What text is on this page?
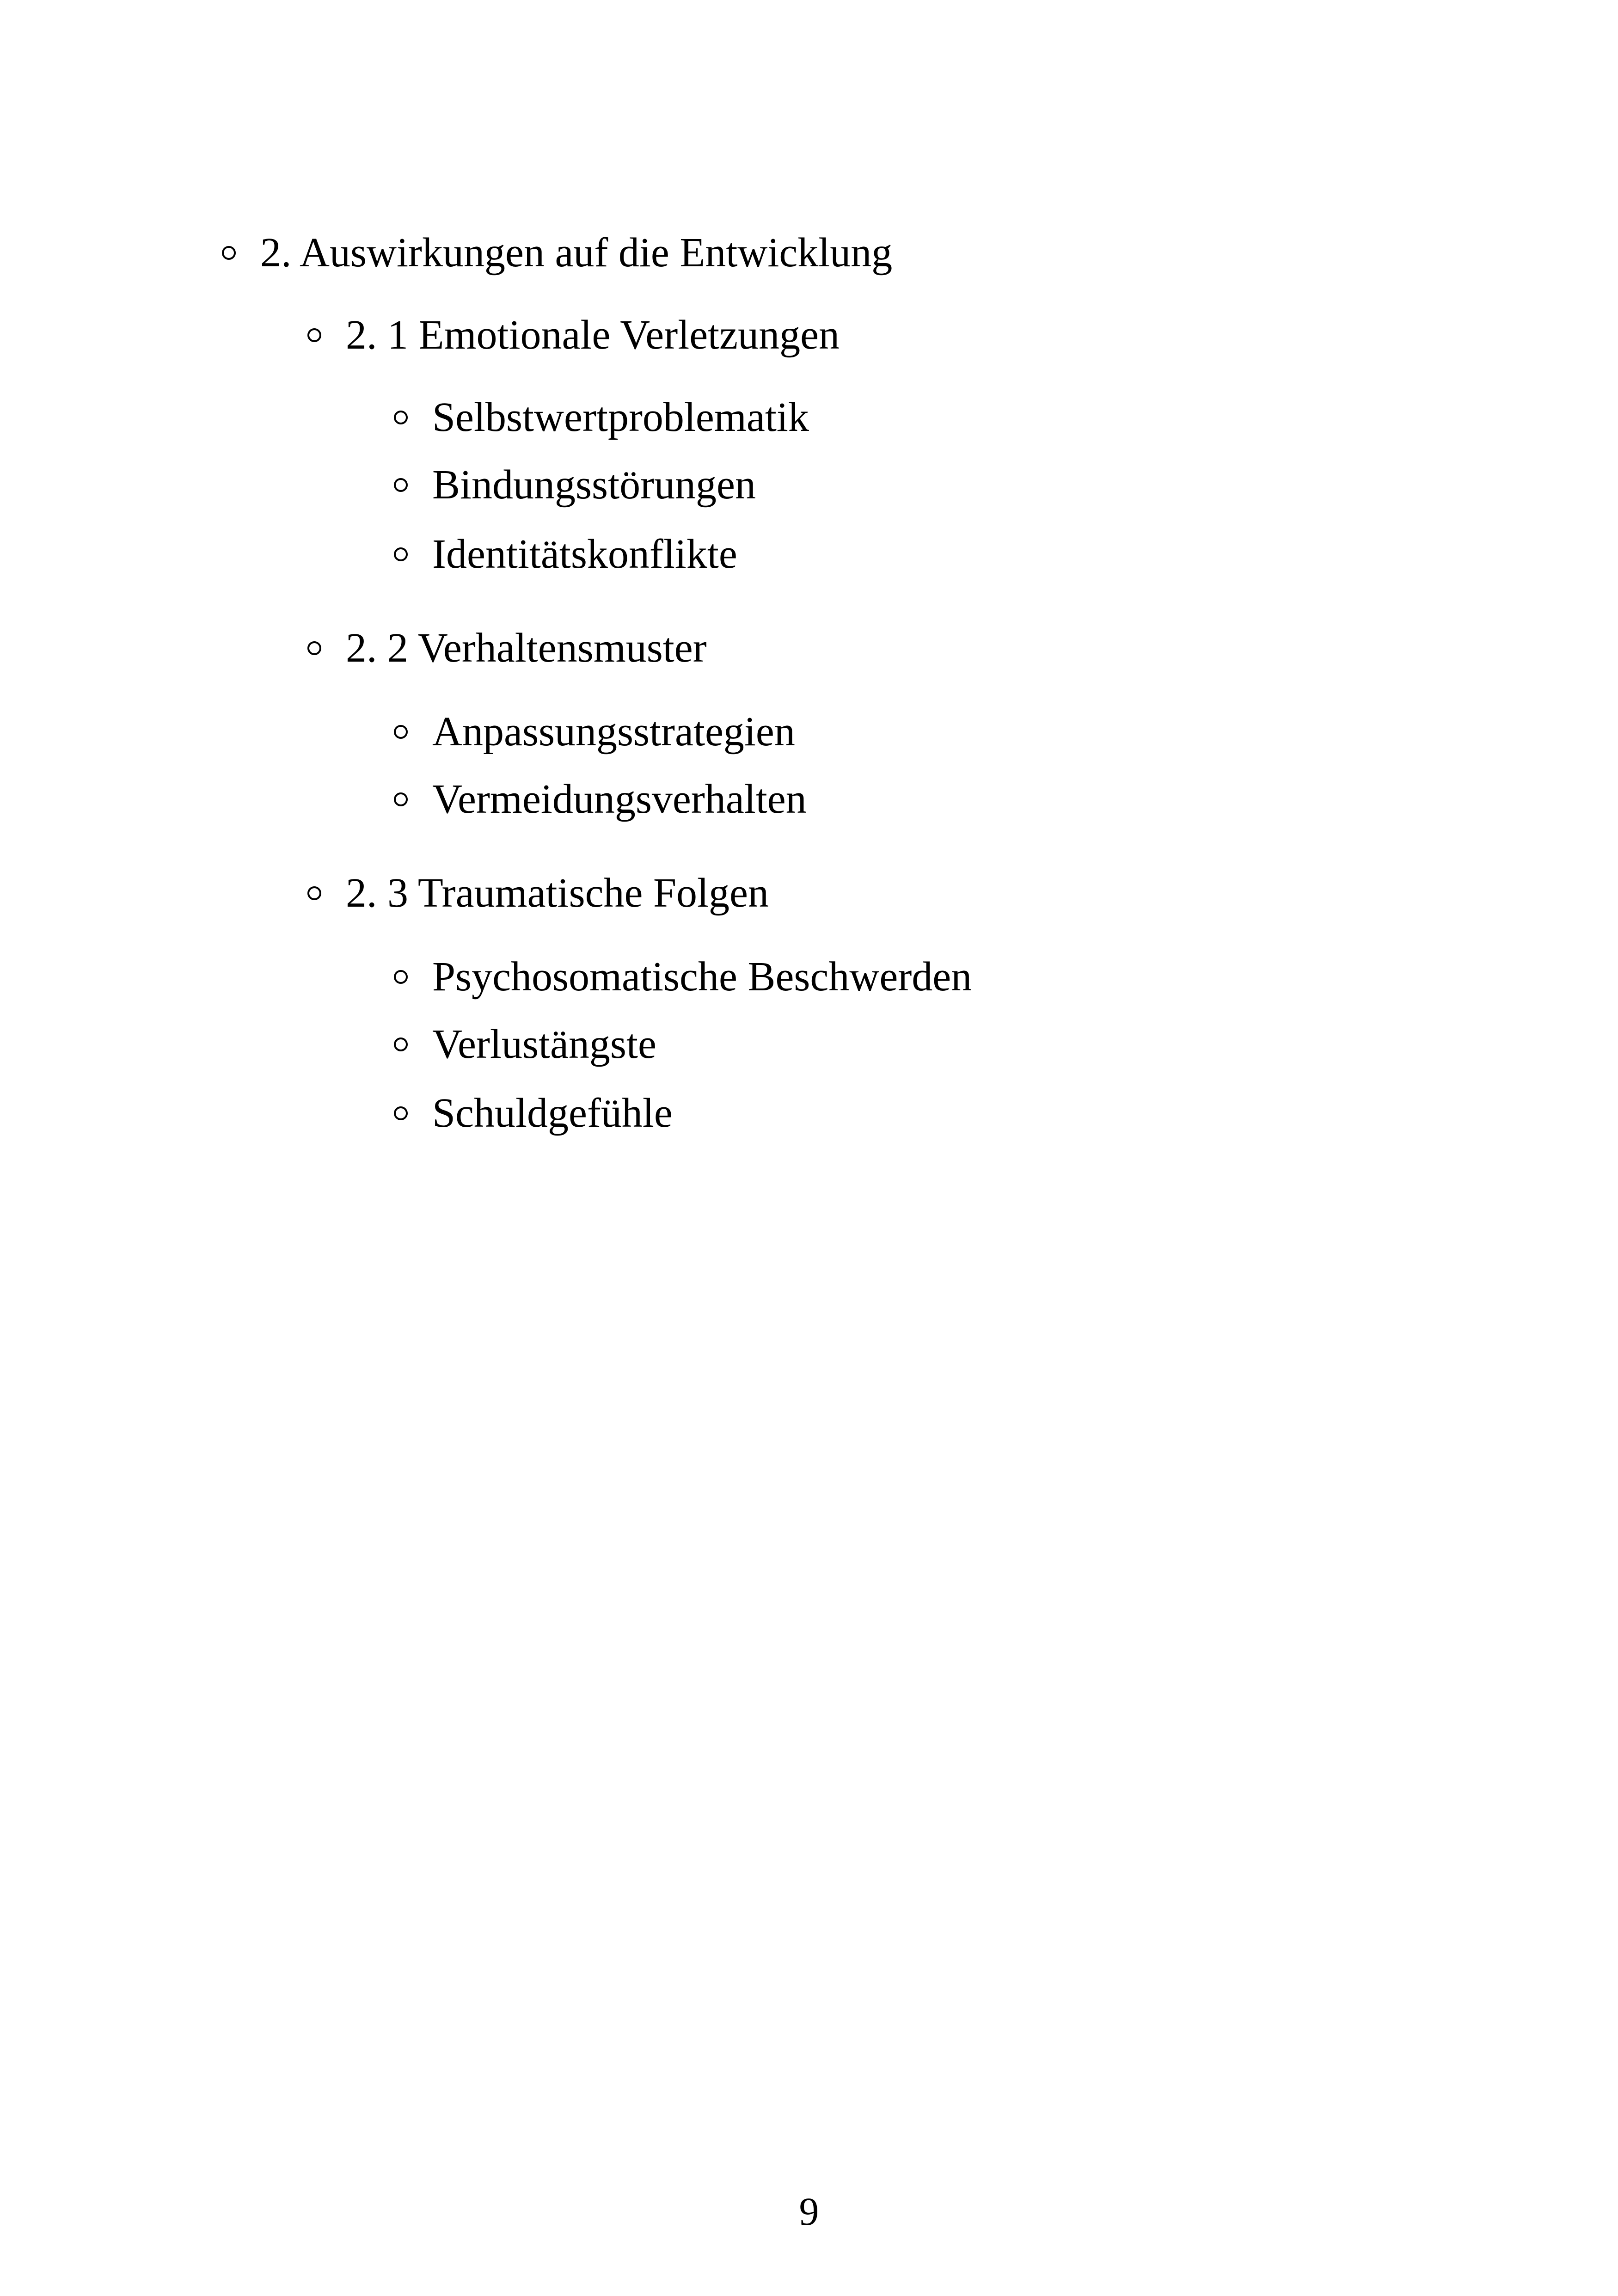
2. Auswirkungen auf die Entwicklung
2. 1 Emotionale Verletzungen
Selbstwertproblematik
Bindungsstörungen
Identitätskonflikte
2. 2 Verhaltensmuster
Anpassungsstrategien
Vermeidungsverhalten
2. 3 Traumatische Folgen
Psychosomatische Beschwerden
Verlustängste
Schuldgefühle
9
